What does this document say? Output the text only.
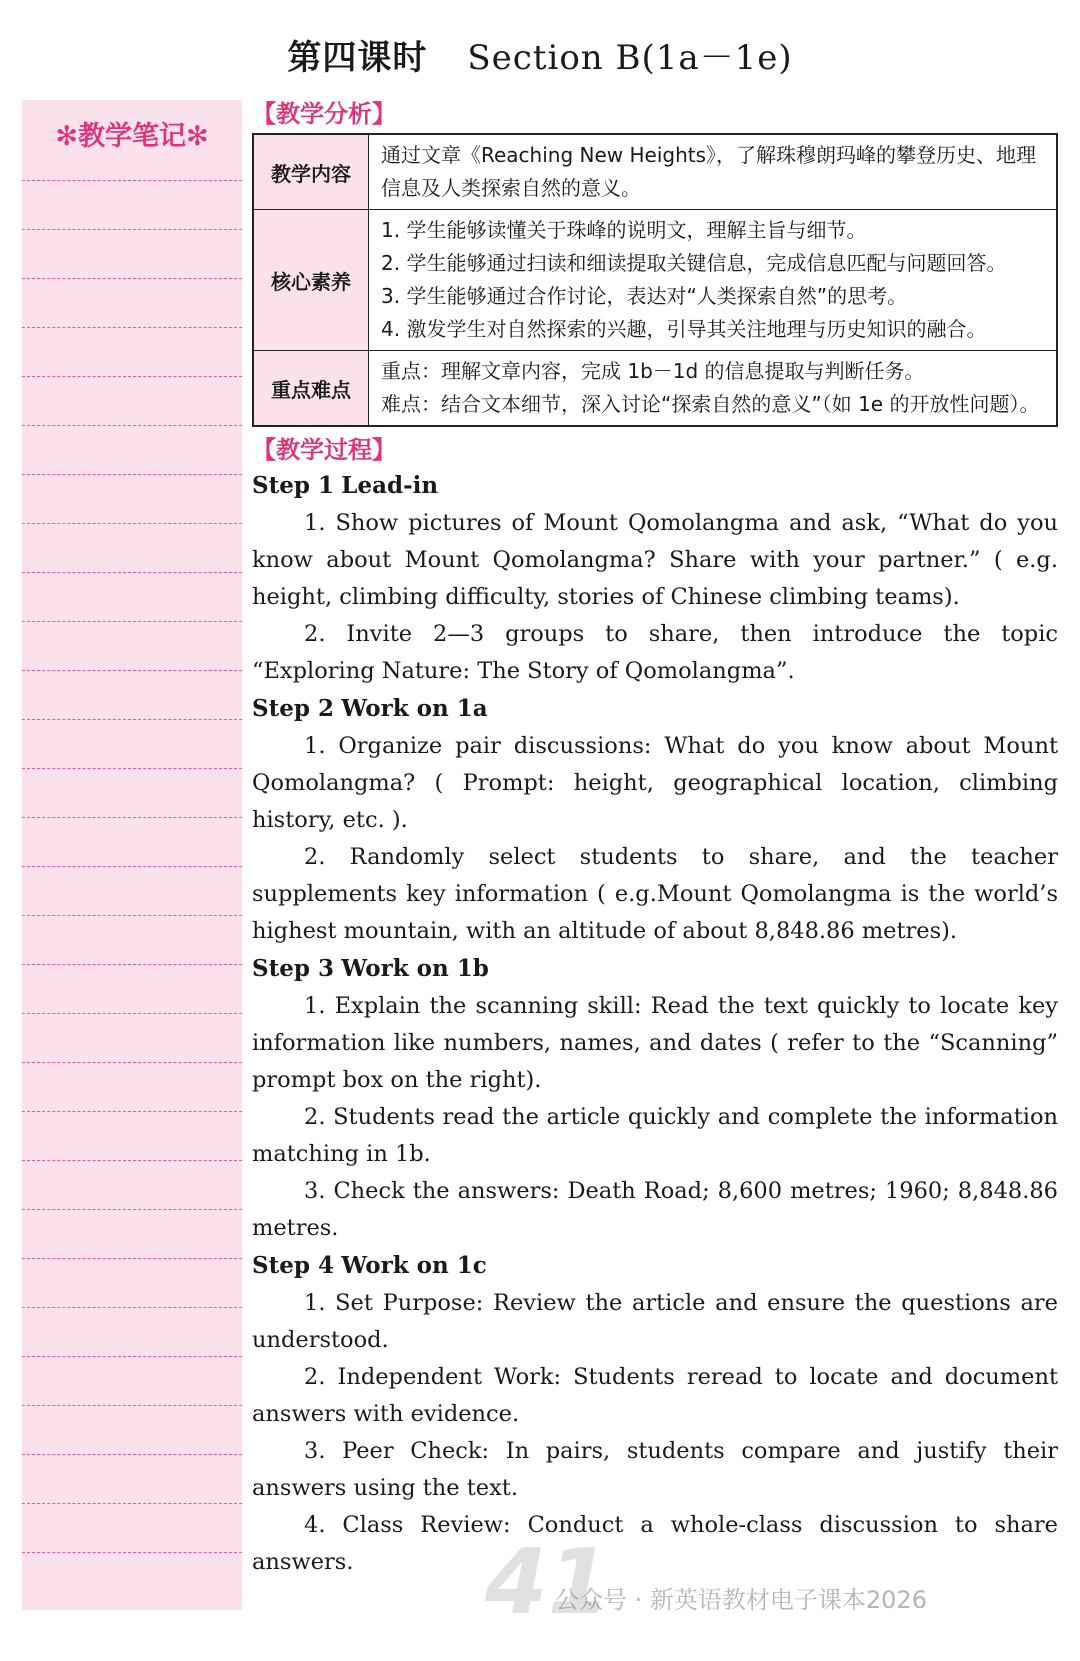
第四课时 Section B(1a－1e)
✻教学笔记✻
【教学分析】
教学内容	通过文章《Reaching New Heights》，了解珠穆朗玛峰的攀登历史、地理信息及人类探索自然的意义。

核心素养	1. 学生能够读懂关于珠峰的说明文，理解主旨与细节。
2. 学生能够通过扫读和细读提取关键信息，完成信息匹配与问题回答。
3. 学生能够通过合作讨论，表达对“人类探索自然”的思考。
4. 激发学生对自然探索的兴趣，引导其关注地理与历史知识的融合。

重点难点	重点：理解文章内容，完成 1b－1d 的信息提取与判断任务。
难点：结合文本细节，深入讨论“探索自然的意义”（如 1e 的开放性问题）。
【教学过程】
Step 1 Lead-in

1. Show pictures of Mount Qomolangma and ask, “What do you know about Mount Qomolangma? Share with your partner.” ( e.g. height, climbing difficulty, stories of Chinese climbing teams).

2. Invite 2—3 groups to share, then introduce the topic “Exploring Nature: The Story of Qomolangma”.

Step 2 Work on 1a

1. Organize pair discussions: What do you know about Mount Qomolangma? ( Prompt: height, geographical location, climbing history, etc. ).

2. Randomly select students to share, and the teacher supplements key information ( e.g.Mount Qomolangma is the world’s highest mountain, with an altitude of about 8,848.86 metres).

Step 3 Work on 1b

1. Explain the scanning skill: Read the text quickly to locate key information like numbers, names, and dates ( refer to the “Scanning” prompt box on the right).

2. Students read the article quickly and complete the information matching in 1b.

3. Check the answers: Death Road; 8,600 metres; 1960; 8,848.86 metres.

Step 4 Work on 1c

1. Set Purpose: Review the article and ensure the questions are understood.

2. Independent Work: Students reread to locate and document answers with evidence.

3. Peer Check: In pairs, students compare and justify their answers using the text.

4. Class Review: Conduct a whole-class discussion to share answers.	41
公众号 · 新英语教材电子课本2026
